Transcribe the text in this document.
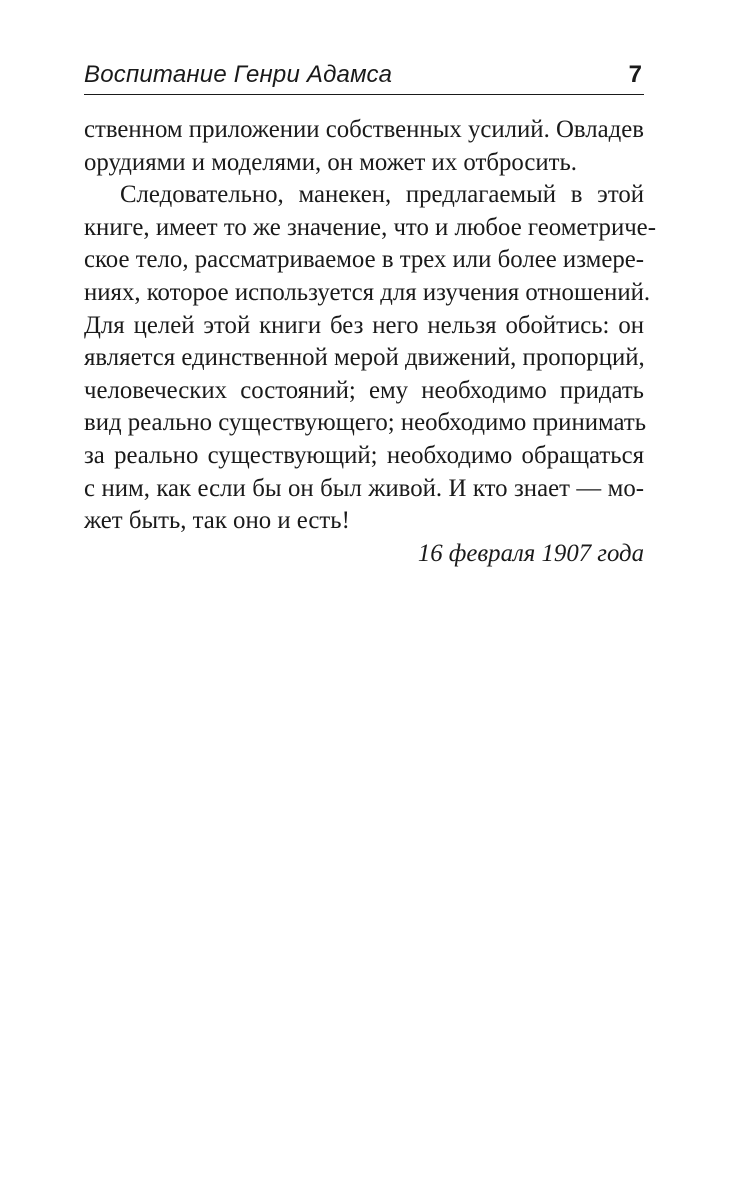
Воспитание Генри Адамса	7
ственном приложении собственных усилий. Овладев
орудиями и моделями, он может их отбросить.
Следовательно, манекен, предлагаемый в этой
книге, имеет то же значение, что и любое геометриче-
ское тело, рассматриваемое в трех или более измере-
ниях, которое используется для изучения отношений.
Для целей этой книги без него нельзя обойтись: он
является единственной мерой движений, пропорций,
человеческих состояний; ему необходимо придать
вид реально существующего; необходимо принимать
за реально существующий; необходимо обращаться
с ним, как если бы он был живой. И кто знает — мо-
жет быть, так оно и есть!
16 февраля 1907 года
